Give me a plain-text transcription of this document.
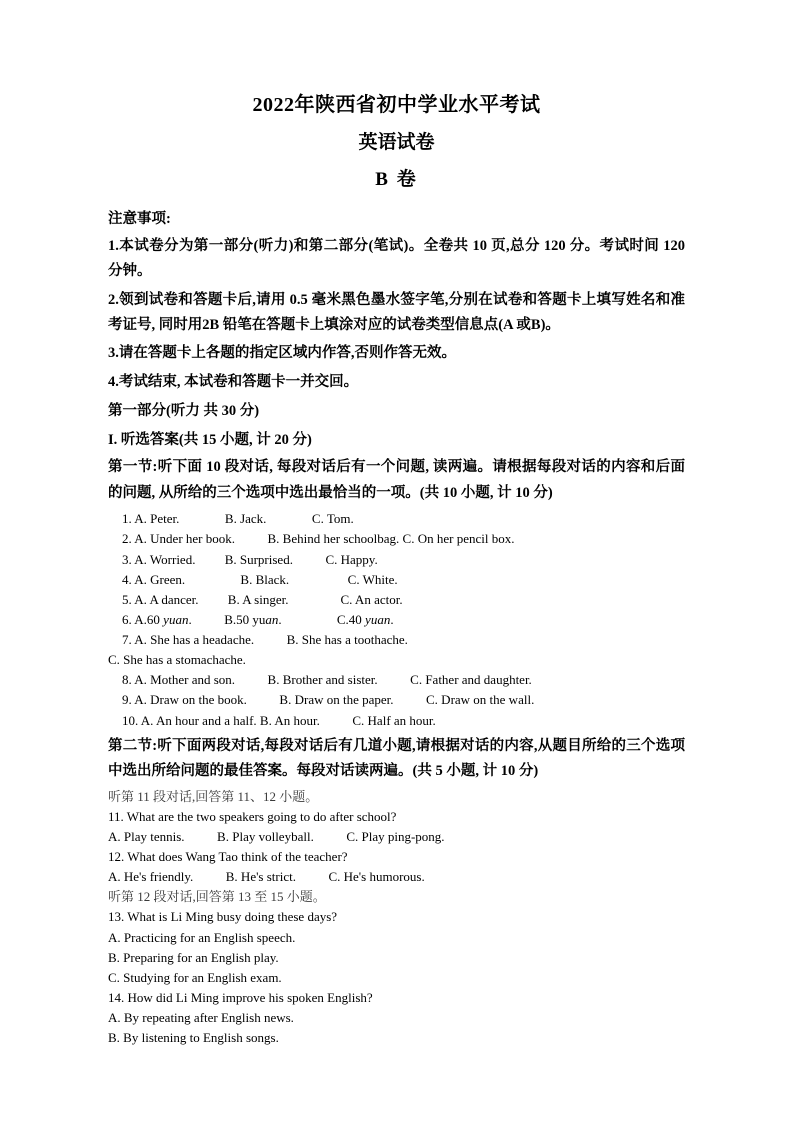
2022年陕西省初中学业水平考试
英语试卷
B 卷
注意事项:
1.本试卷分为第一部分(听力)和第二部分(笔试)。全卷共 10 页,总分 120 分。考试时间 120 分钟。
2.领到试卷和答题卡后,请用 0.5 毫米黑色墨水签字笔,分别在试卷和答题卡上填写姓名和准考证号, 同时用2B 铅笔在答题卡上填涂对应的试卷类型信息点(A 或B)。
3.请在答题卡上各题的指定区域内作答,否则作答无效。
4.考试结束, 本试卷和答题卡一并交回。
第一部分(听力 共 30 分)
I. 听选答案(共 15 小题, 计 20 分)
第一节:听下面 10 段对话, 每段对话后有一个问题, 读两遍。请根据每段对话的内容和后面的问题, 从所给的三个选项中选出最恰当的一项。(共 10 小题, 计 10 分)
1. A. Peter.              B. Jack.              C. Tom.
2. A. Under her book.          B. Behind her schoolbag. C. On her pencil box.
3. A. Worried.         B. Surprised.          C. Happy.
4. A. Green.                 B. Black.                  C. White.
5. A. A dancer.         B. A singer.                C. An actor.
6. A.60 yuan.          B.50 yuan.                 C.40 yuan.
7. A. She has a headache.          B. She has a toothache.
C. She has a stomachache.
8. A. Mother and son.          B. Brother and sister.          C. Father and daughter.
9. A. Draw on the book.          B. Draw on the paper.          C. Draw on the wall.
10. A. An hour and a half. B. An hour.          C. Half an hour.
第二节:听下面两段对话,每段对话后有几道小题,请根据对话的内容,从题目所给的三个选项中选出所给问题的最佳答案。每段对话读两遍。(共 5 小题, 计 10 分)
听第 11 段对话,回答第 11、12 小题。
11. What are the two speakers going to do after school?
A. Play tennis.          B. Play volleyball.          C. Play ping-pong.
12. What does Wang Tao think of the teacher?
A. He's friendly.          B. He's strict.          C. He's humorous.
听第 12 段对话,回答第 13 至 15 小题。
13. What is Li Ming busy doing these days?
A. Practicing for an English speech.
B. Preparing for an English play.
C. Studying for an English exam.
14. How did Li Ming improve his spoken English?
A. By repeating after English news.
B. By listening to English songs.
